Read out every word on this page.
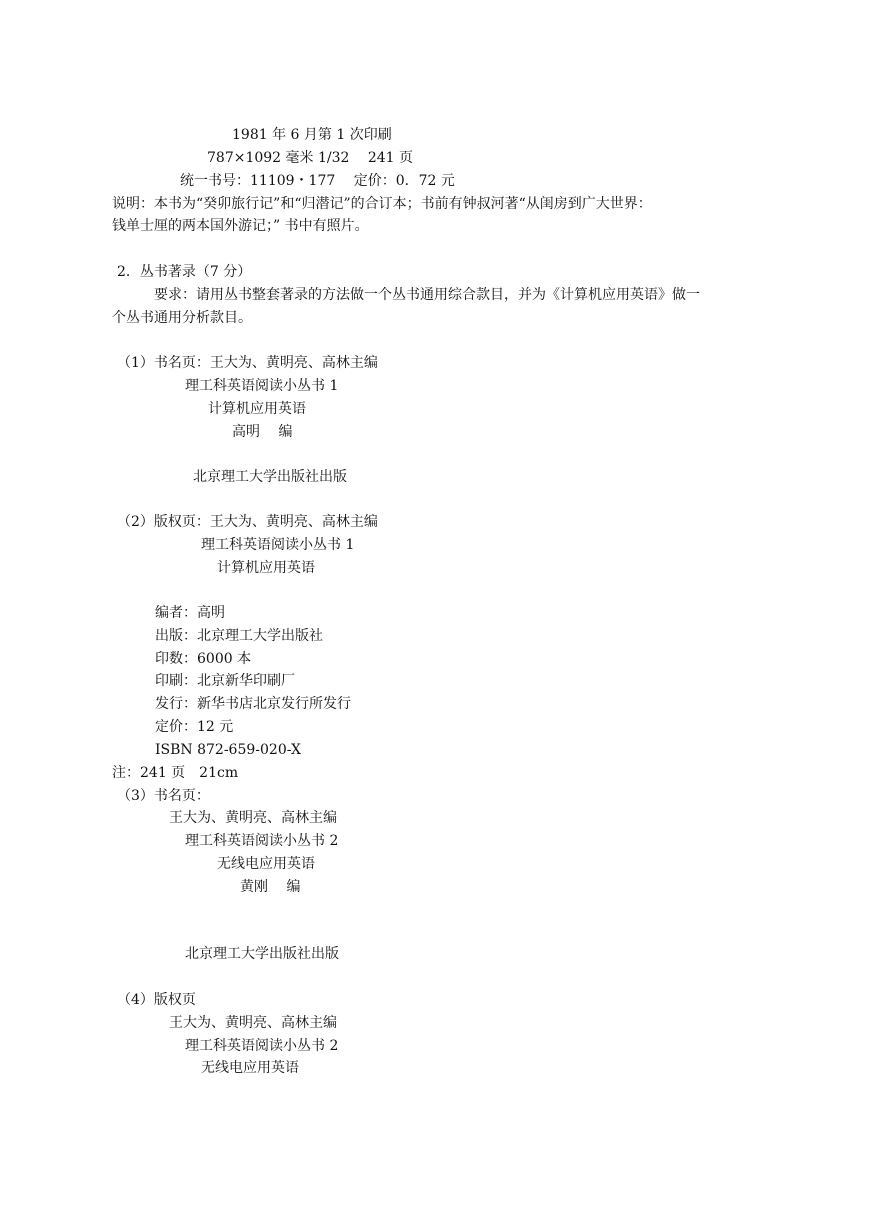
1981 年 6 月第 1 次印刷
787×1092 毫米 1/32　 241 页
统一书号：11109・177　 定价：0．72 元
说明：本书为“癸卯旅行记”和“归潜记”的合订本；书前有钟叔河著“从闺房到广大世界：
钱单士厘的两本国外游记；” 书中有照片。
2．丛书著录（7 分）
要求：请用丛书整套著录的方法做一个丛书通用综合款目，并为《计算机应用英语》做一
个丛书通用分析款目。
（1）书名页：王大为、黄明亮、高林主编
理工科英语阅读小丛书 1
计算机应用英语
高明　 编
北京理工大学出版社出版
（2）版权页：王大为、黄明亮、高林主编
理工科英语阅读小丛书 1
计算机应用英语
编者：高明
出版：北京理工大学出版社
印数：6000 本
印刷：北京新华印刷厂
发行：新华书店北京发行所发行
定价：12 元
ISBN 872-659-020-X
注：241 页　21cm
（3）书名页：
王大为、黄明亮、高林主编
理工科英语阅读小丛书 2
无线电应用英语
黄刚　 编
北京理工大学出版社出版
（4）版权页
王大为、黄明亮、高林主编
理工科英语阅读小丛书 2
无线电应用英语
